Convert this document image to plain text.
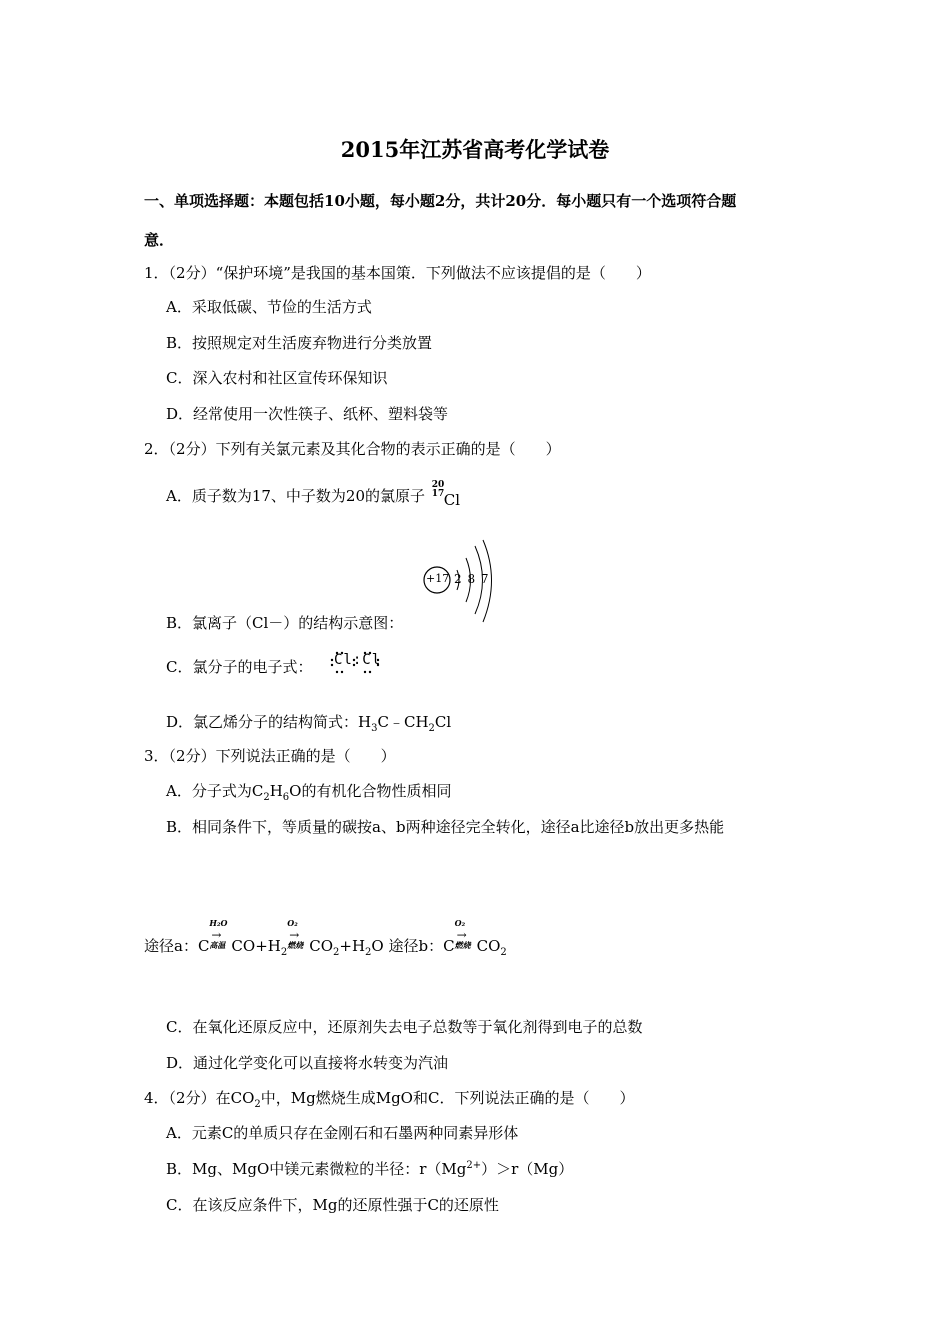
2015年江苏省高考化学试卷
一、单项选择题：本题包括10小题，每小题2分，共计20分．每小题只有一个选项符合题
意．
1．（2分）“保护环境”是我国的基本国策．下列做法不应该提倡的是（　　）
A．采取低碳、节俭的生活方式
B．按照规定对生活废弃物进行分类放置
C．深入农村和社区宣传环保知识
D．经常使用一次性筷子、纸杯、塑料袋等
2．（2分）下列有关氯元素及其化合物的表示正确的是（　　）
A．质子数为17、中子数为20的氯原子
20
17 Cl
+17 2 8 7
B．氯离子（Cl－）的结构示意图：
C．氯分子的电子式： Cl:Cl
D．氯乙烯分子的结构简式：$H_3C﹣CH_2Cl$
3．（2分）下列说法正确的是（　　）
A．分子式为$C_2H_6O$的有机化合物性质相同
B．相同条件下，等质量的碳按a、b两种途径完全转化，途径a比途径b放出更多热能
途径a：C
H₂O
→
高温 $CO+H_2$
O₂
→
燃烧 $CO_2+H_2O$ 途径b：C
O₂
→
燃烧 $CO_2$
C．在氧化还原反应中，还原剂失去电子总数等于氧化剂得到电子的总数
D．通过化学变化可以直接将水转变为汽油
4．（2分）在$CO_2$中，Mg燃烧生成MgO和C．下列说法正确的是（　　）
A．元素C的单质只存在金刚石和石墨两种同素异形体
B．Mg、MgO中镁元素微粒的半径：$r(Mg^{2+})>r(Mg)$
C．在该反应条件下，Mg的还原性强于C的还原性
